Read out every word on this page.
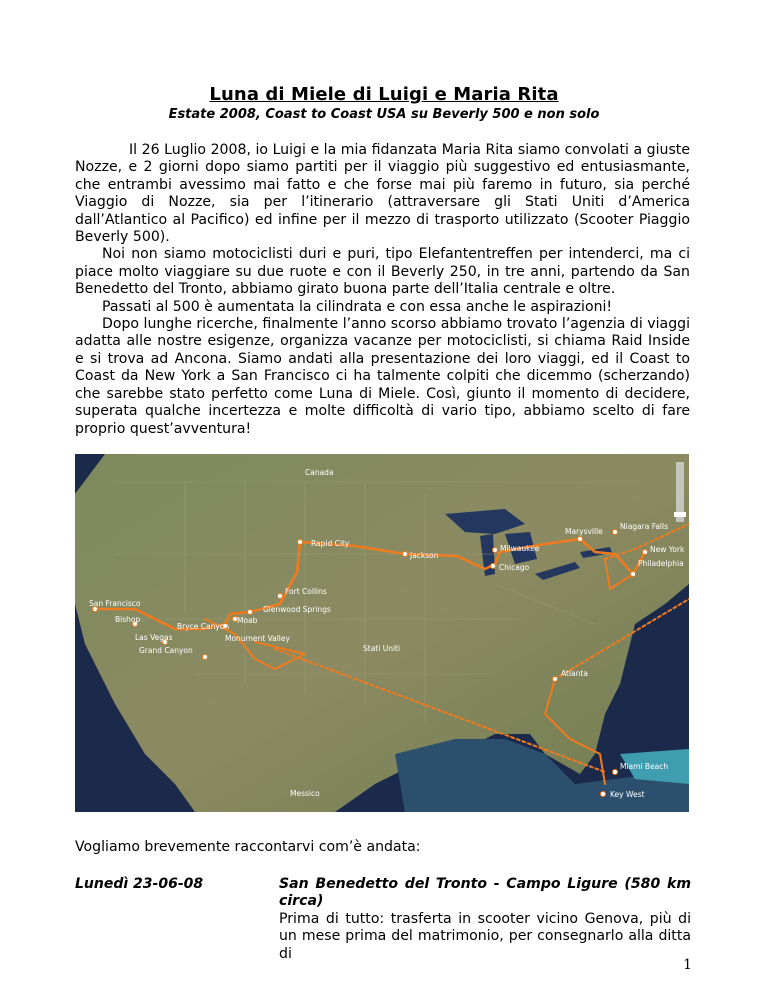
Luna di Miele di Luigi e Maria Rita
Estate 2008, Coast to Coast USA su Beverly 500 e non solo

Il 26 Luglio 2008, io Luigi e la mia fidanzata Maria Rita siamo convolati a giuste Nozze, e 2 giorni dopo siamo partiti per il viaggio più suggestivo ed entusiasmante, che entrambi avessimo mai fatto e che forse mai più faremo in futuro, sia perché Viaggio di Nozze, sia per l’itinerario (attraversare gli Stati Uniti d’America dall’Atlantico al Pacifico) ed infine per il mezzo di trasporto utilizzato (Scooter Piaggio Beverly 500).

Noi non siamo motociclisti duri e puri, tipo Elefantentreffen per intenderci, ma ci piace molto viaggiare su due ruote e con il Beverly 250, in tre anni, partendo da San Benedetto del Tronto, abbiamo girato buona parte dell’Italia centrale e oltre.

Passati al 500 è aumentata la cilindrata e con essa anche le aspirazioni!

Dopo lunghe ricerche, finalmente l’anno scorso abbiamo trovato l’agenzia di viaggi adatta alle nostre esigenze, organizza vacanze per motociclisti, si chiama Raid Inside e si trova ad Ancona. Siamo andati alla presentazione dei loro viaggi, ed il Coast to Coast da New York a San Francisco ci ha talmente colpiti che dicemmo (scherzando) che sarebbe stato perfetto come Luna di Miele. Così, giunto il momento di decidere, superata qualche incertezza e molte difficoltà di vario tipo, abbiamo scelto di fare proprio quest’avventura!

Canada
Stati Uniti
Messico
Rapid City
Jackson
Milwaukee
Chicago
Marysville
Niagara Falls
New York
Philadelphia
Fort Collins
Glenwood Springs
Moab
Bryce Canyon
Monument Valley
San Francisco
Bishop
Las Vegas
Grand Canyon
Atlanta
Miami Beach
Key West
Vogliamo brevemente raccontarvi com’è andata:
Lunedì 23-06-08	San Benedetto del Tronto - Campo Ligure (580 km circa)
Prima di tutto: trasferta in scooter vicino Genova, più di un mese prima del matrimonio, per consegnarlo alla ditta di
1
